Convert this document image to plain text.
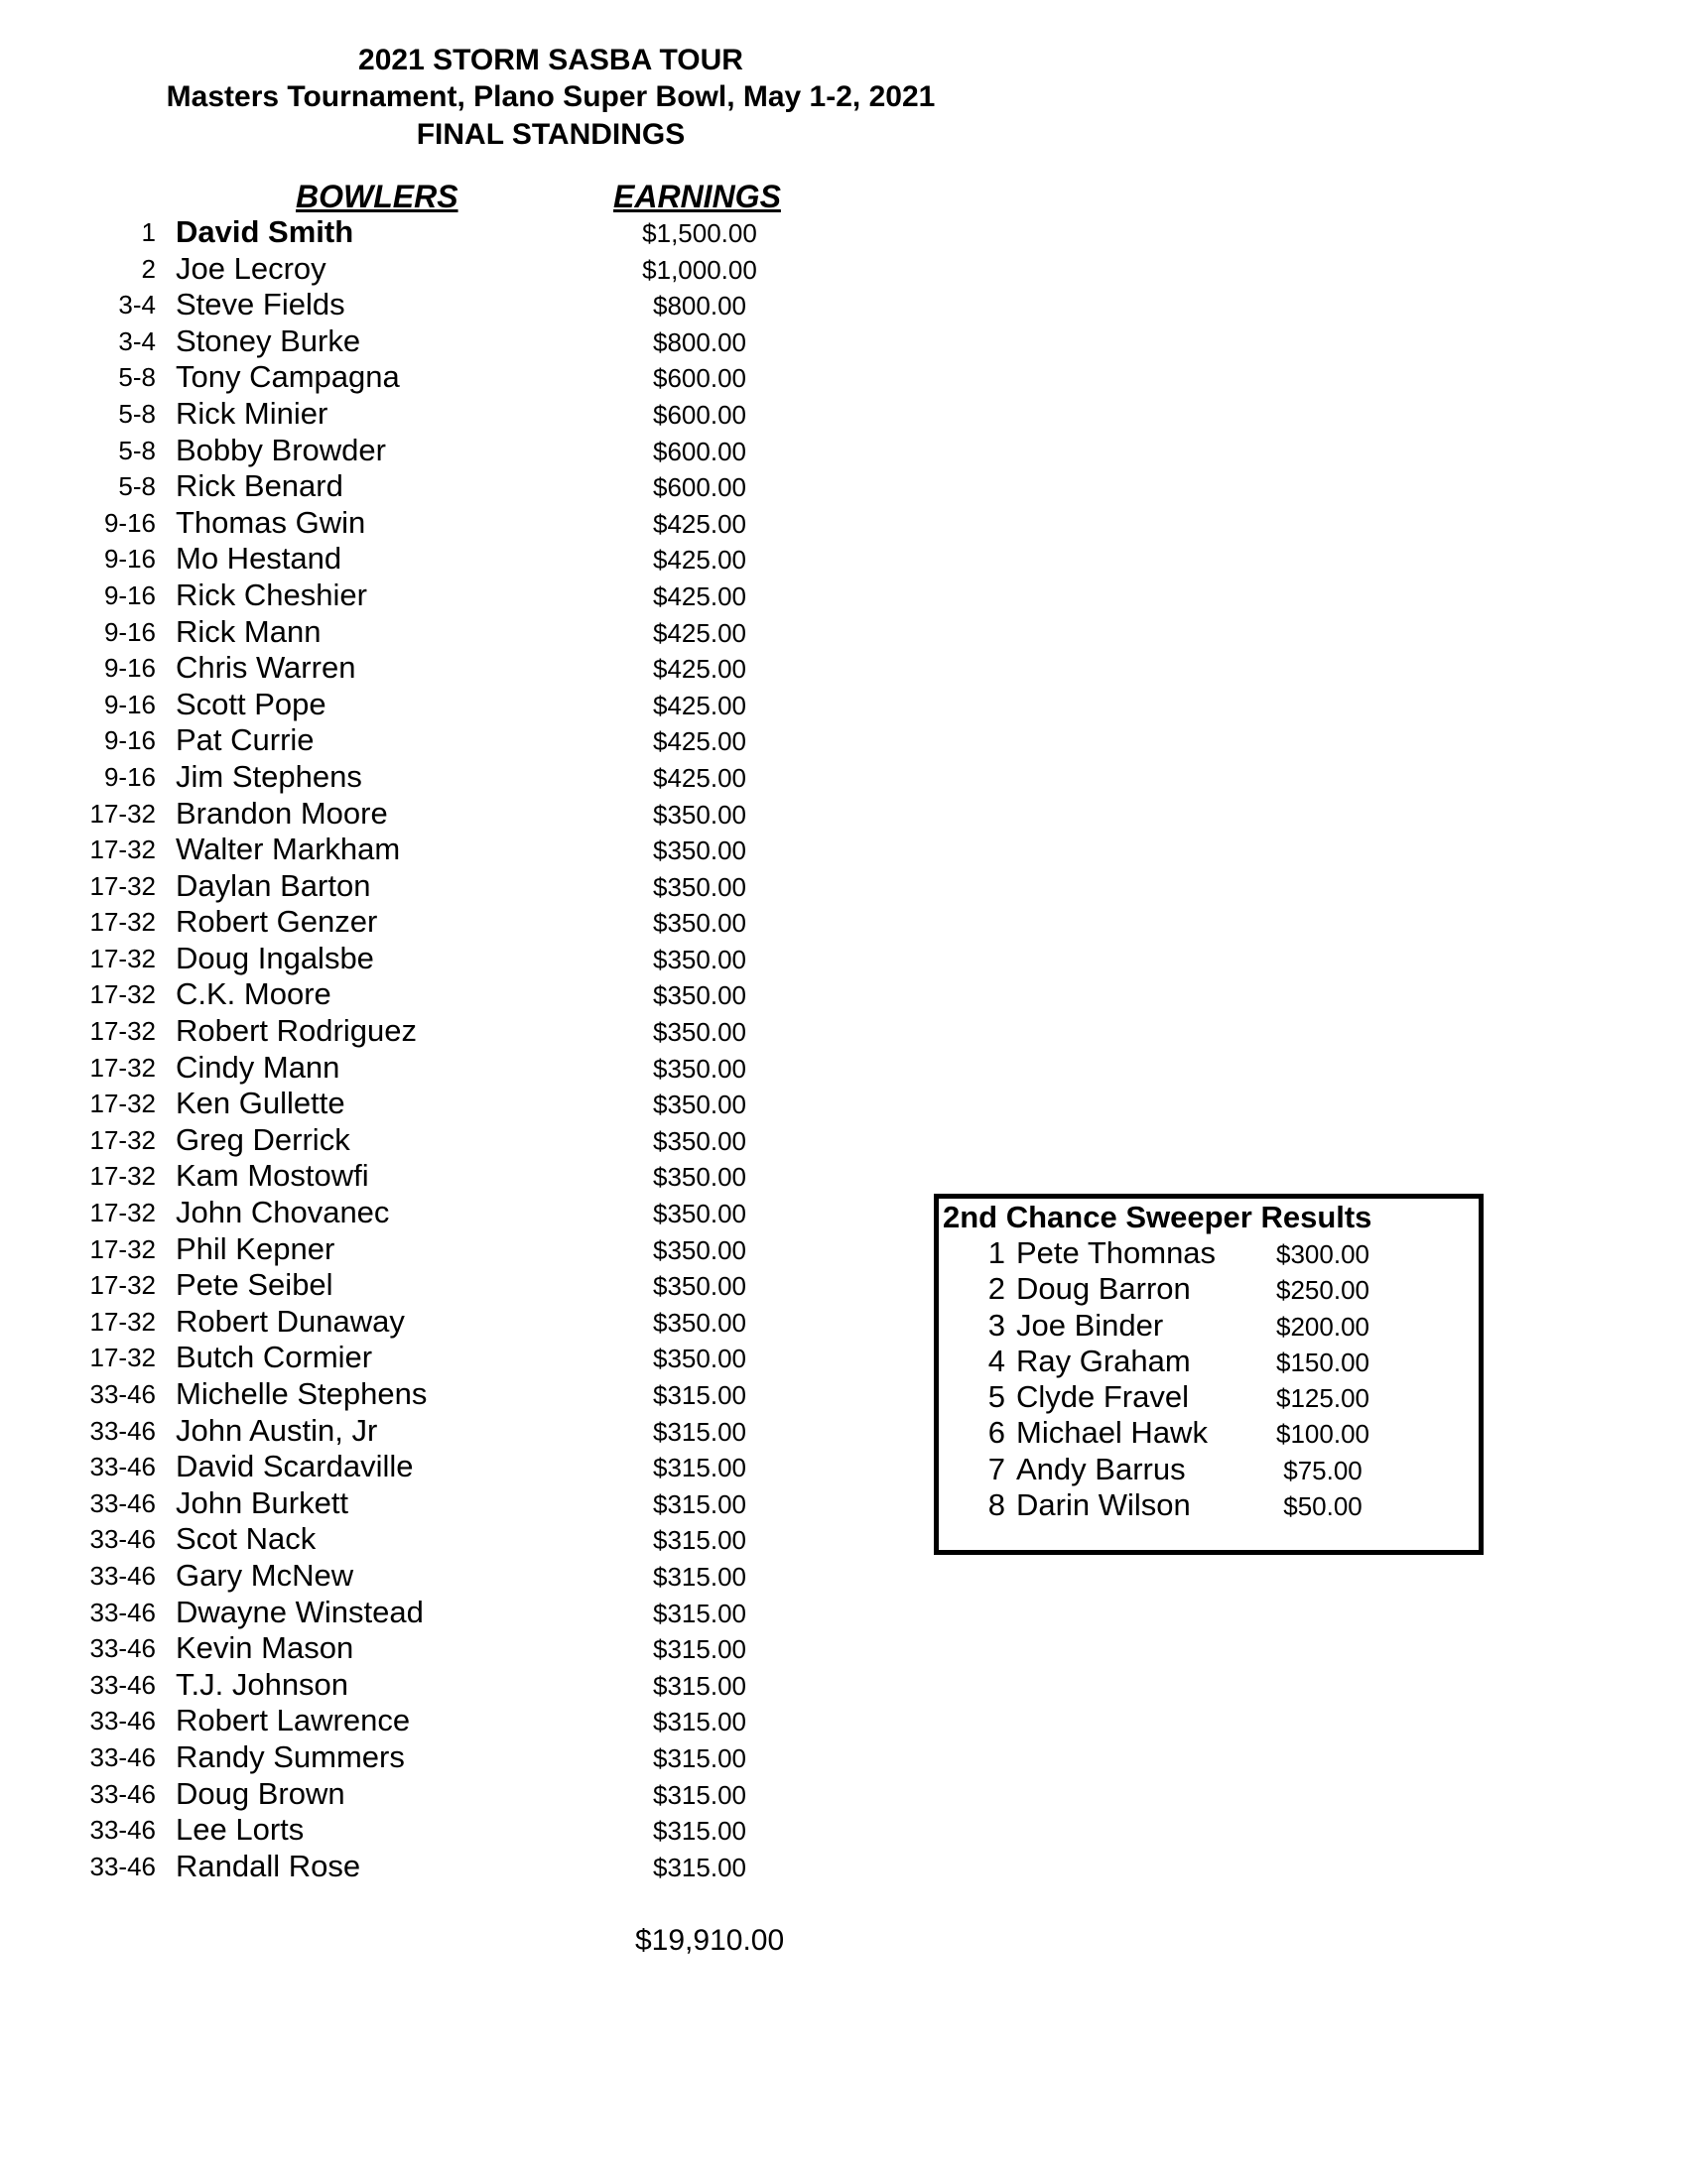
2021 STORM SASBA TOUR
Masters Tournament, Plano Super Bowl, May 1-2, 2021
FINAL STANDINGS
BOWLERS	EARNINGS
1 David Smith	$1,500.00
2 Joe Lecroy	$1,000.00
3-4 Steve Fields	$800.00
3-4 Stoney Burke	$800.00
5-8 Tony Campagna	$600.00
5-8 Rick Minier	$600.00
5-8 Bobby Browder	$600.00
5-8 Rick Benard	$600.00
9-16 Thomas Gwin	$425.00
9-16 Mo Hestand	$425.00
9-16 Rick Cheshier	$425.00
9-16 Rick Mann	$425.00
9-16 Chris Warren	$425.00
9-16 Scott Pope	$425.00
9-16 Pat Currie	$425.00
9-16 Jim Stephens	$425.00
17-32 Brandon Moore	$350.00
17-32 Walter Markham	$350.00
17-32 Daylan Barton	$350.00
17-32 Robert Genzer	$350.00
17-32 Doug Ingalsbe	$350.00
17-32 C.K. Moore	$350.00
17-32 Robert Rodriguez	$350.00
17-32 Cindy Mann	$350.00
17-32 Ken Gullette	$350.00
17-32 Greg Derrick	$350.00
17-32 Kam Mostowfi	$350.00
17-32 John Chovanec	$350.00
17-32 Phil Kepner	$350.00
17-32 Pete Seibel	$350.00
17-32 Robert Dunaway	$350.00
17-32 Butch Cormier	$350.00
33-46 Michelle Stephens	$315.00
33-46 John Austin, Jr	$315.00
33-46 David Scardaville	$315.00
33-46 John Burkett	$315.00
33-46 Scot Nack	$315.00
33-46 Gary McNew	$315.00
33-46 Dwayne Winstead	$315.00
33-46 Kevin Mason	$315.00
33-46 T.J. Johnson	$315.00
33-46 Robert Lawrence	$315.00
33-46 Randy Summers	$315.00
33-46 Doug Brown	$315.00
33-46 Lee Lorts	$315.00
33-46 Randall Rose	$315.00
$19,910.00
2nd Chance Sweeper Results
1 Pete Thomnas	$300.00
2 Doug Barron	$250.00
3 Joe Binder	$200.00
4 Ray Graham	$150.00
5 Clyde Fravel	$125.00
6 Michael Hawk	$100.00
7 Andy Barrus	$75.00
8 Darin Wilson	$50.00
